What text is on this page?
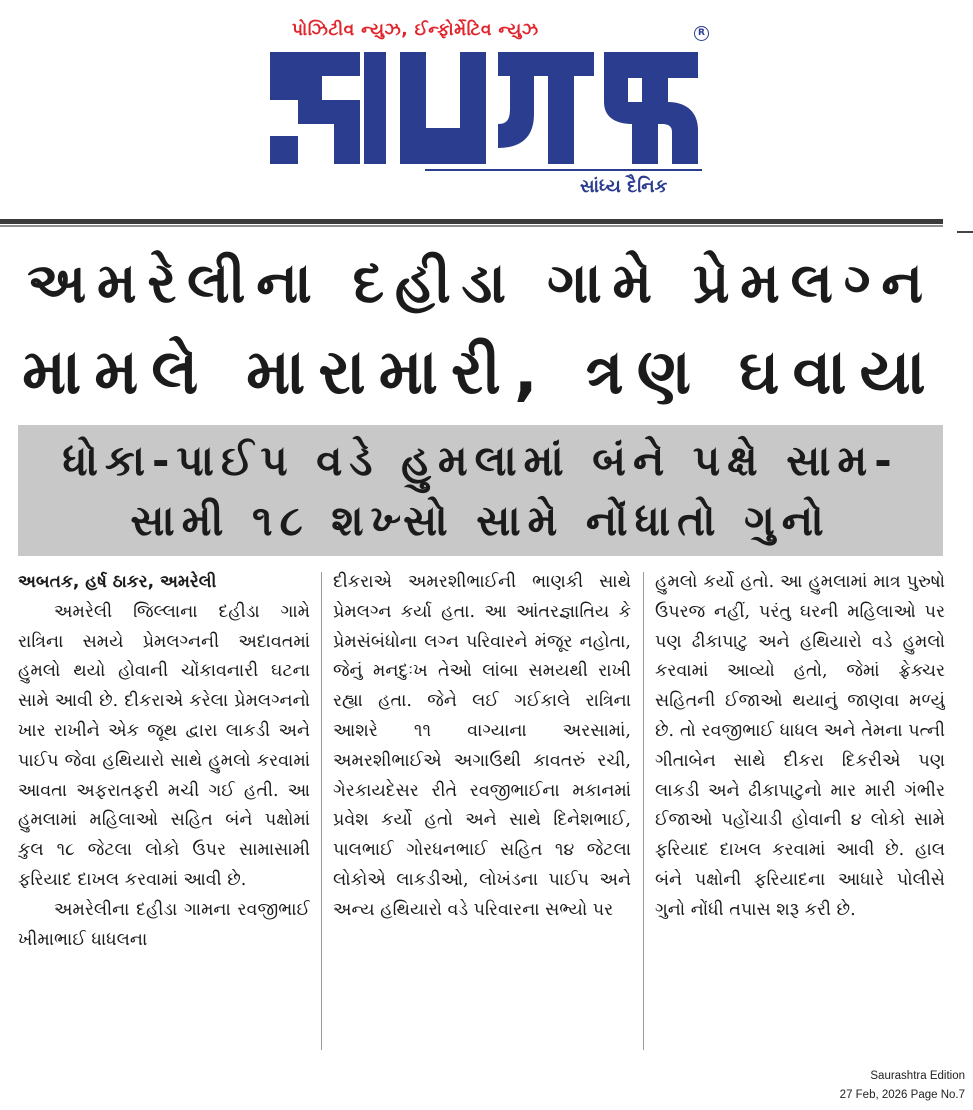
પોઝિટીવ ન્યુઝ, ઈન્ફોર્મેટિવ ન્યુઝ	R
સાંધ્ય દૈનિક
અમરેલીના દહીડા ગામે પ્રેમલગ્ન
મામલે મારામારી, ત્રણ ઘવાયા
ધોકા-પાઈપ વડે હુમલામાં બંને પક્ષે સામ-
સામી ૧૮ શખ્સો સામે નોંધાતો ગુનો
અબતક, હર્ષ ઠાકર, અમરેલી
અમરેલી જિલ્લાના દહીડા ગામે રાત્રિના સમયે પ્રેમલગ્નની અદાવતમાં હુમલો થયો હોવાની ચોંકાવનારી ઘટના સામે આવી છે. દીકરાએ કરેલા પ્રેમલગ્નનો ખાર રાખીને એક જૂથ દ્વારા લાકડી અને પાઈપ જેવા હથિયારો સાથે હુમલો કરવામાં આવતા અફરાતફરી મચી ગઈ હતી. આ હુમલામાં મહિલાઓ સહિત બંને પક્ષોમાં કુલ ૧૮ જેટલા લોકો ઉપર સામાસામી ફરિયાદ દાખલ કરવામાં આવી છે.
અમરેલીના દહીડા ગામના રવજીભાઈ ખીમાભાઈ ધાધલના
દીકરાએ અમરશીભાઈની ભાણકી સાથે પ્રેમલગ્ન કર્યા હતા. આ આંતરજ્ઞાતિય કે પ્રેમસંબંધોના લગ્ન પરિવારને મંજૂર નહોતા, જેનું મનદુઃખ તેઓ લાંબા સમયથી રાખી રહ્યા હતા. જેને લઈ ગઈકાલે રાત્રિના આશરે ૧૧ વાગ્યાના અરસામાં, અમરશીભાઈએ અગાઉથી કાવતરું રચી, ગેરકાયદેસર રીતે રવજીભાઈના મકાનમાં પ્રવેશ કર્યો હતો અને સાથે દિનેશભાઈ, પાલભાઈ ગોરધનભાઈ સહિત ૧૪ જેટલા લોકોએ લાકડીઓ, લોખંડના પાઈપ અને અન્ય હથિયારો વડે પરિવારના સભ્યો પર
હુમલો કર્યો હતો. આ હુમલામાં માત્ર પુરુષો ઉપરજ નહીં, પરંતુ ઘરની મહિલાઓ પર પણ ઢીકાપાટુ અને હથિયારો વડે હુમલો કરવામાં આવ્યો હતો, જેમાં ફ્રેક્ચર સહિતની ઈજાઓ થયાનું જાણવા મળ્યું છે. તો રવજીભાઈ ધાધલ અને તેમના પત્ની ગીતાબેન સાથે દીકરા દિકરીએ પણ લાકડી અને ઢીકાપાટુનો માર મારી ગંભીર ઈજાઓ પહોંચાડી હોવાની ૪ લોકો સામે ફરિયાદ દાખલ કરવામાં આવી છે. હાલ બંને પક્ષોની ફરિયાદના આધારે પોલીસે ગુનો નોંધી તપાસ શરૂ કરી છે.
Saurashtra Edition
27 Feb, 2026 Page No.7
